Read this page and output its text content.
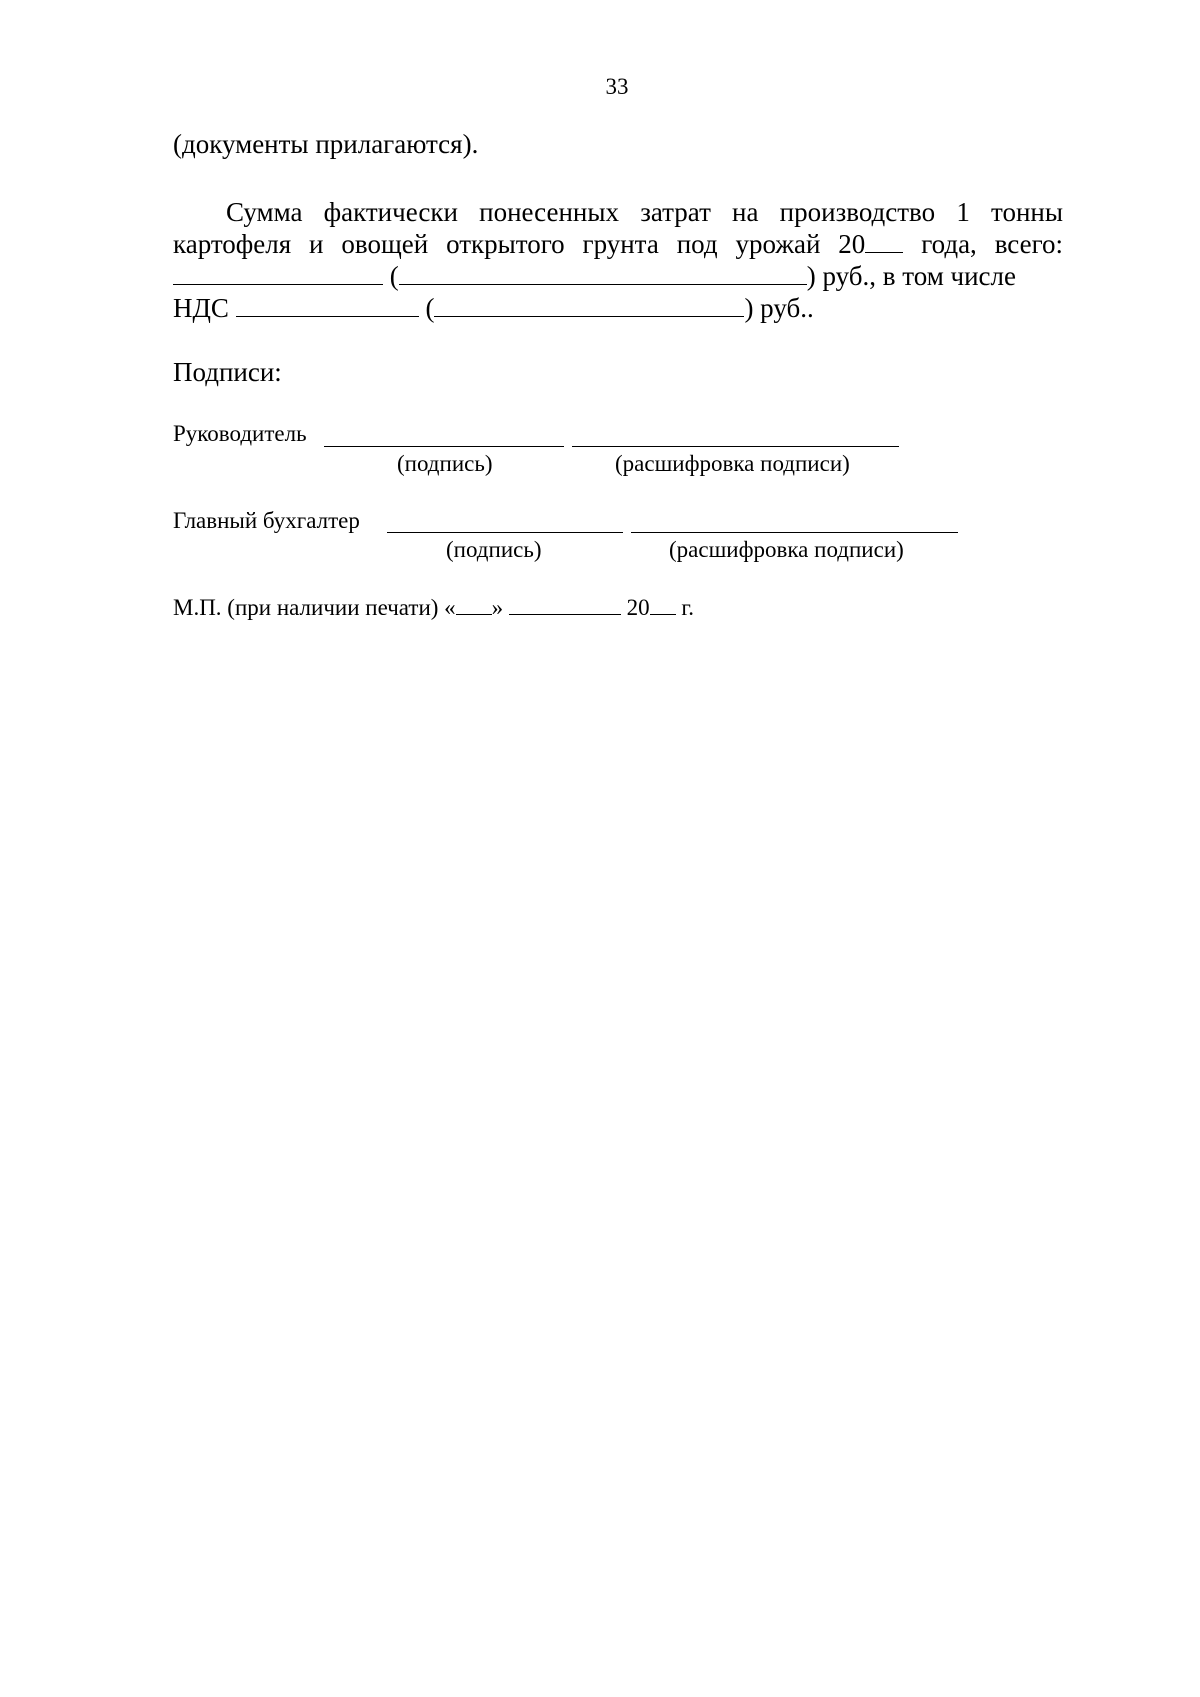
33
(документы прилагаются).
Сумма фактически понесенных затрат на производство 1 тонны
картофеля и овощей открытого грунта под урожай 20 года, всего:
(	) руб., в том числе
НДС	(	) руб..
Подписи:
Руководитель
(подпись)	(расшифровка подписи)
Главный бухгалтер
(подпись)	(расшифровка подписи)
М.П. (при наличии печати) « »	20 г.
